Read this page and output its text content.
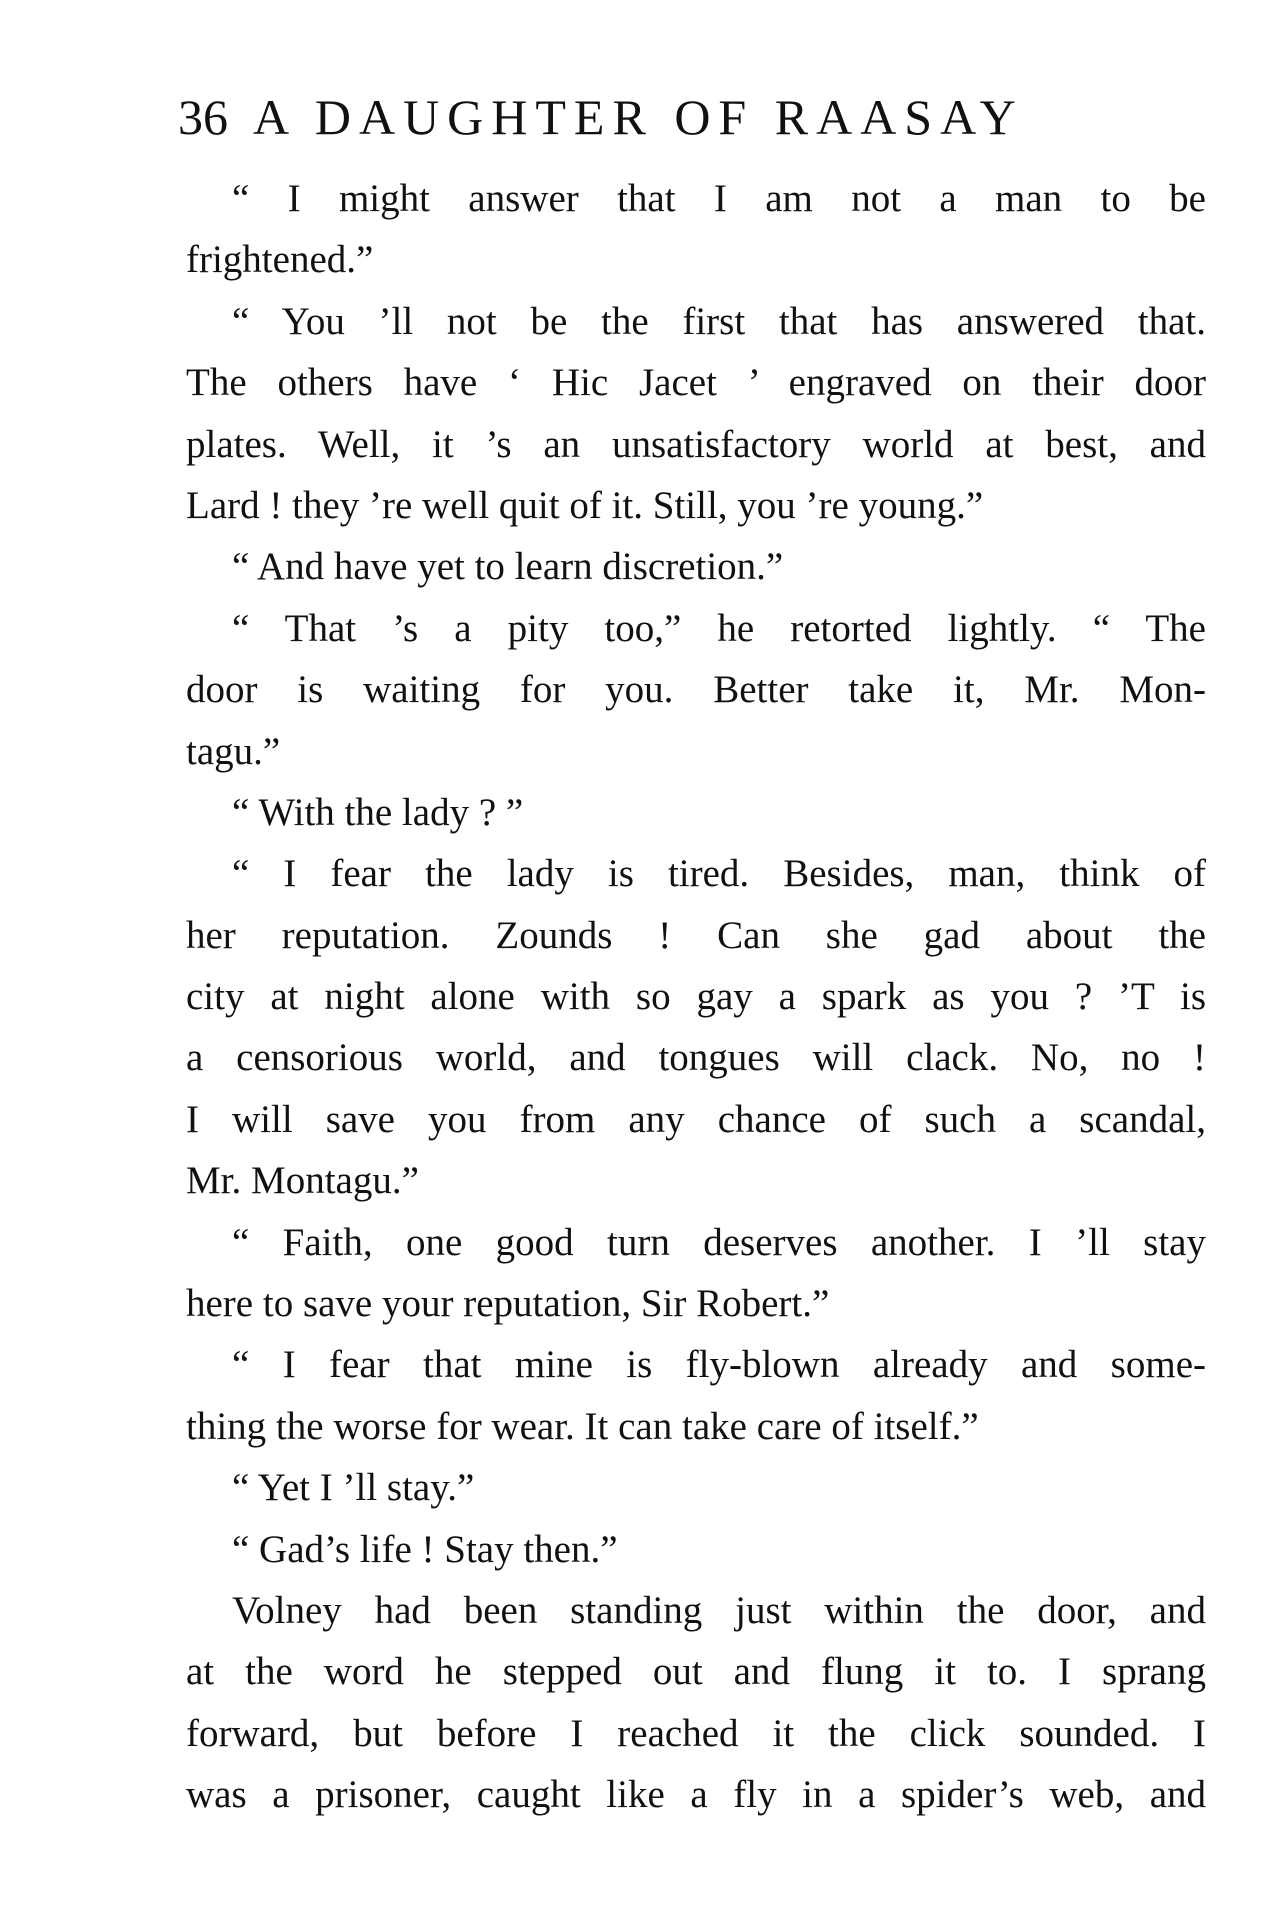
36 A DAUGHTER OF RAASAY
“ I might answer that I am not a man to be
frightened.”
“ You ’ll not be the first that has answered that.
The others have ‘ Hic Jacet ’ engraved on their door
plates. Well, it ’s an unsatisfactory world at best, and
Lard ! they ’re well quit of it. Still, you ’re young.”
“ And have yet to learn discretion.”
“ That ’s a pity too,” he retorted lightly. “ The
door is waiting for you. Better take it, Mr. Mon-
tagu.”
“ With the lady ? ”
“ I fear the lady is tired. Besides, man, think of
her reputation. Zounds ! Can she gad about the
city at night alone with so gay a spark as you ? ’T is
a censorious world, and tongues will clack. No, no !
I will save you from any chance of such a scandal,
Mr. Montagu.”
“ Faith, one good turn deserves another. I ’ll stay
here to save your reputation, Sir Robert.”
“ I fear that mine is fly-blown already and some-
thing the worse for wear. It can take care of itself.”
“ Yet I ’ll stay.”
“ Gad’s life ! Stay then.”
Volney had been standing just within the door, and
at the word he stepped out and flung it to. I sprang
forward, but before I reached it the click sounded. I
was a prisoner, caught like a fly in a spider’s web, and
